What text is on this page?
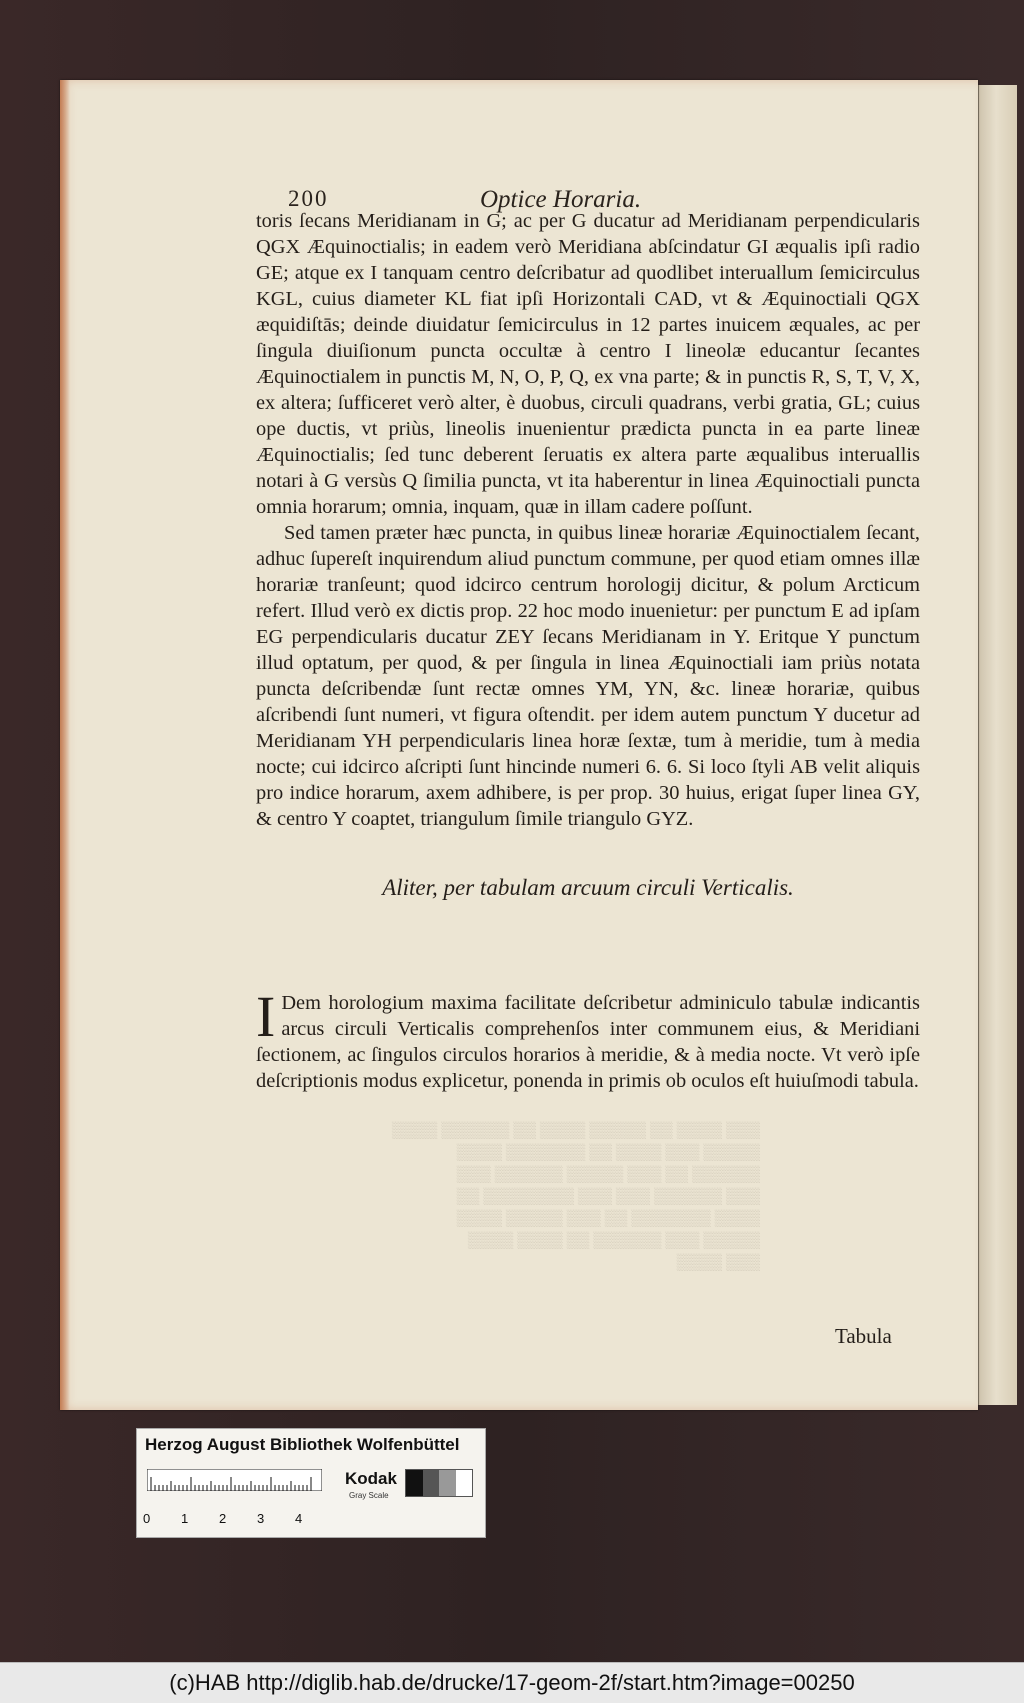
200	Optice Horaria.

toris ſecans Meridianam in G; ac per G ducatur ad Meridianam perpendicularis QGX Æquinoctialis; in eadem verò Meridiana abſcindatur GI æqualis ipſi radio GE; atque ex I tanquam centro deſcribatur ad quodlibet interuallum ſemicirculus KGL, cuius diameter KL fiat ipſi Horizontali CAD, vt & Æquinoctiali QGX æquidiſtās; deinde diuidatur ſemicirculus in 12 partes inuicem æquales, ac per ſingula diuiſionum puncta occultæ à centro I lineolæ educantur ſecantes Æquinoctialem in punctis M, N, O, P, Q, ex vna parte; & in punctis R, S, T, V, X, ex altera; ſufficeret verò alter, è duobus, circuli quadrans, verbi gratia, GL; cuius ope ductis, vt priùs, lineolis inuenientur prædicta puncta in ea parte lineæ Æquinoctialis; ſed tunc deberent ſeruatis ex altera parte æqualibus interuallis notari à G versùs Q ſimilia puncta, vt ita haberentur in linea Æquinoctiali puncta omnia horarum; omnia, inquam, quæ in illam cadere poſſunt.

Sed tamen præter hæc puncta, in quibus lineæ horariæ Æquinoctialem ſecant, adhuc ſupereſt inquirendum aliud punctum commune, per quod etiam omnes illæ horariæ tranſeunt; quod idcirco centrum horologij dicitur, & polum Arcticum refert. Illud verò ex dictis prop. 22 hoc modo inuenietur: per punctum E ad ipſam EG perpendicularis ducatur ZEY ſecans Meridianam in Y. Eritque Y punctum illud optatum, per quod, & per ſingula in linea Æquinoctiali iam priùs notata puncta deſcribendæ ſunt rectæ omnes YM, YN, &c. lineæ horariæ, quibus aſcribendi ſunt numeri, vt figura oſtendit. per idem autem punctum Y ducetur ad Meridianam YH perpendicularis linea horæ ſextæ, tum à meridie, tum à media nocte; cui idcirco aſcripti ſunt hincinde numeri 6. 6. Si loco ſtyli AB velit aliquis pro indice horarum, axem adhibere, is per prop. 30 huius, erigat ſuper linea GY, & centro Y coaptet, triangulum ſimile triangulo GYZ.

Aliter, per tabulam arcuum circuli Verticalis.
I Dem horologium maxima facilitate deſcribetur adminiculo tabulæ indicantis arcus circuli Verticalis comprehenſos inter communem eius, & Meridiani ſectionem, ac ſingulos circulos horarios à meridie, & à media nocte. Vt verò ipſe deſcriptionis modus explicetur, ponenda in primis ob oculos eſt huiuſmodi tabula.
▒▒▒ ▒▒▒▒ ▒▒ ▒▒▒▒▒ ▒▒▒▒ ▒▒ ▒▒▒▒▒▒ ▒▒▒▒
▒▒▒▒▒ ▒▒▒ ▒▒▒▒ ▒▒ ▒▒▒▒▒▒▒ ▒▒▒▒
▒▒▒▒▒▒ ▒▒ ▒▒▒ ▒▒▒▒▒ ▒▒▒▒▒▒ ▒▒▒
▒▒▒ ▒▒▒▒▒▒ ▒▒▒ ▒▒▒ ▒▒▒▒▒▒▒▒ ▒▒
▒▒▒▒ ▒▒▒▒▒▒▒ ▒▒ ▒▒▒ ▒▒▒▒▒ ▒▒▒▒
▒▒▒▒▒ ▒▒▒ ▒▒▒▒▒▒ ▒▒ ▒▒▒▒ ▒▒▒▒
▒▒▒ ▒▒▒▒
Tabula
Herzog August Bibliothek Wolfenbüttel
0 1 2 3 4
Kodak
Gray Scale
(c)HAB http://diglib.hab.de/drucke/17-geom-2f/start.htm?image=00250
